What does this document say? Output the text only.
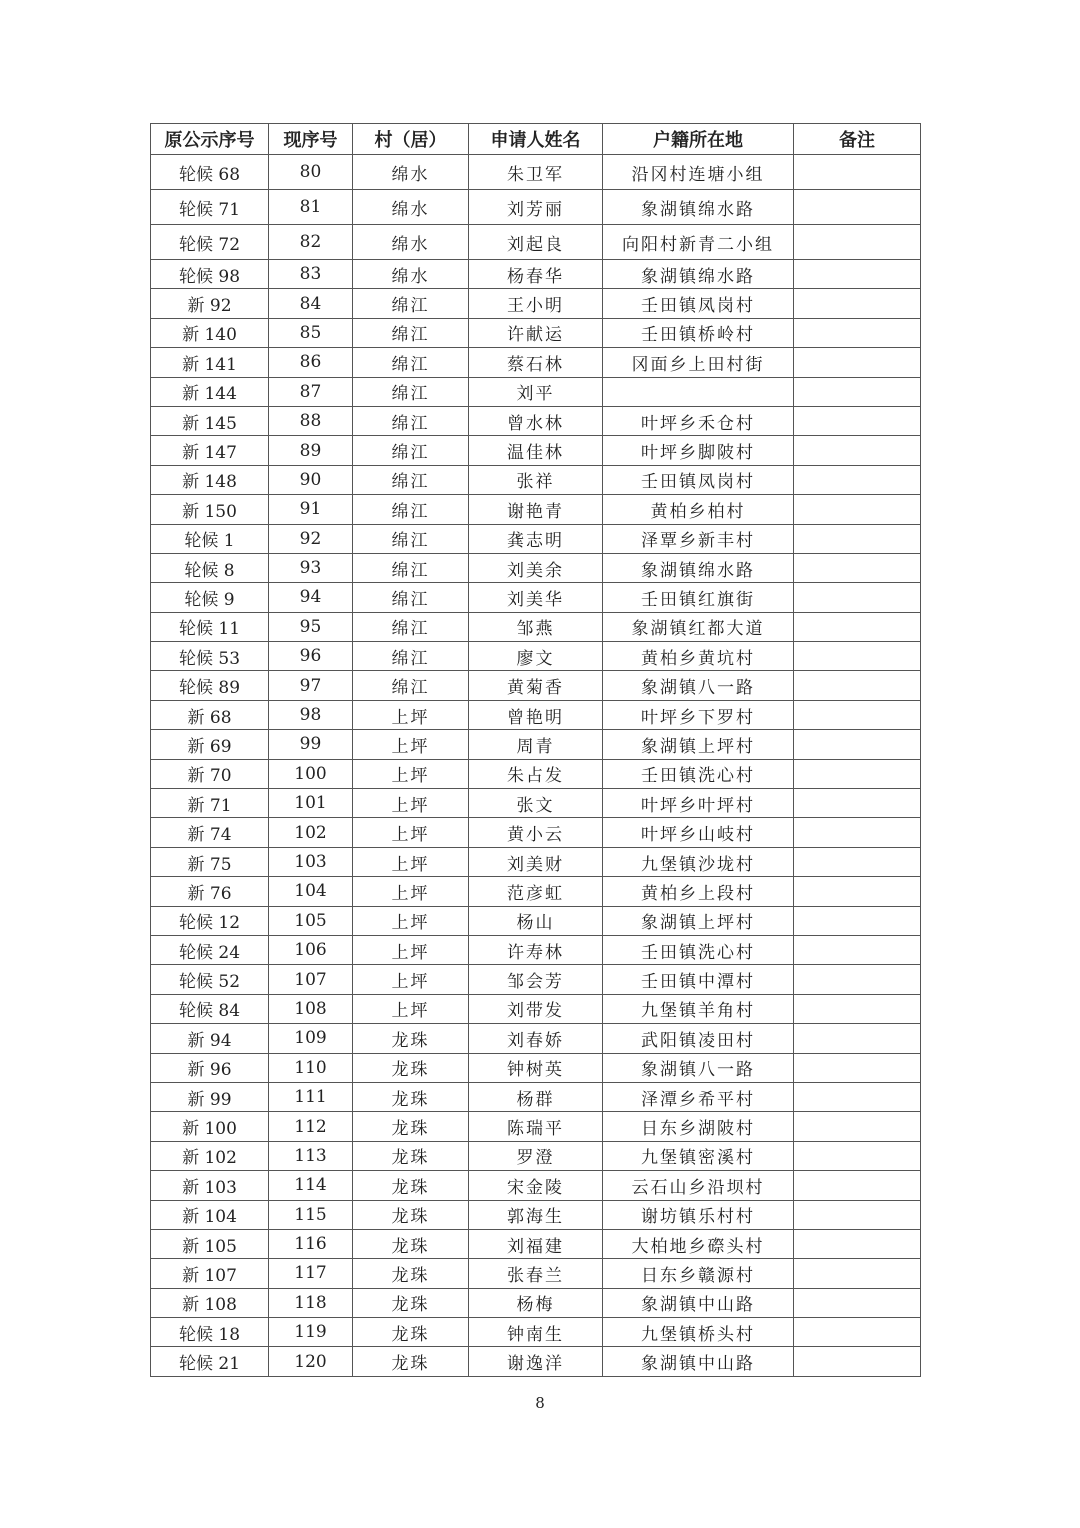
原公示序号	现序号	村（居）	申请人姓名	户籍所在地	备注
轮候 68	80	绵水	朱卫军	沿冈村连塘小组	
轮候 71	81	绵水	刘芳丽	象湖镇绵水路	
轮候 72	82	绵水	刘起良	向阳村新青二小组	
轮候 98	83	绵水	杨春华	象湖镇绵水路	
新 92	84	绵江	王小明	壬田镇凤岗村	
新 140	85	绵江	许献运	壬田镇桥岭村	
新 141	86	绵江	蔡石林	冈面乡上田村街	
新 144	87	绵江	刘平		
新 145	88	绵江	曾水林	叶坪乡禾仓村	
新 147	89	绵江	温佳林	叶坪乡脚陂村	
新 148	90	绵江	张祥	壬田镇凤岗村	
新 150	91	绵江	谢艳青	黄柏乡柏村	
轮候 1	92	绵江	龚志明	泽覃乡新丰村	
轮候 8	93	绵江	刘美余	象湖镇绵水路	
轮候 9	94	绵江	刘美华	壬田镇红旗街	
轮候 11	95	绵江	邹燕	象湖镇红都大道	
轮候 53	96	绵江	廖文	黄柏乡黄坑村	
轮候 89	97	绵江	黄菊香	象湖镇八一路	
新 68	98	上坪	曾艳明	叶坪乡下罗村	
新 69	99	上坪	周青	象湖镇上坪村	
新 70	100	上坪	朱占发	壬田镇洗心村	
新 71	101	上坪	张文	叶坪乡叶坪村	
新 74	102	上坪	黄小云	叶坪乡山岐村	
新 75	103	上坪	刘美财	九堡镇沙垅村	
新 76	104	上坪	范彦虹	黄柏乡上段村	
轮候 12	105	上坪	杨山	象湖镇上坪村	
轮候 24	106	上坪	许寿林	壬田镇洗心村	
轮候 52	107	上坪	邹会芳	壬田镇中潭村	
轮候 84	108	上坪	刘带发	九堡镇羊角村	
新 94	109	龙珠	刘春娇	武阳镇凌田村	
新 96	110	龙珠	钟树英	象湖镇八一路	
新 99	111	龙珠	杨群	泽潭乡希平村	
新 100	112	龙珠	陈瑞平	日东乡湖陂村	
新 102	113	龙珠	罗澄	九堡镇密溪村	
新 103	114	龙珠	宋金陵	云石山乡沿坝村	
新 104	115	龙珠	郭海生	谢坊镇乐村村	
新 105	116	龙珠	刘福建	大柏地乡磜头村	
新 107	117	龙珠	张春兰	日东乡赣源村	
新 108	118	龙珠	杨梅	象湖镇中山路	
轮候 18	119	龙珠	钟南生	九堡镇桥头村	
轮候 21	120	龙珠	谢逸洋	象湖镇中山路	
8
